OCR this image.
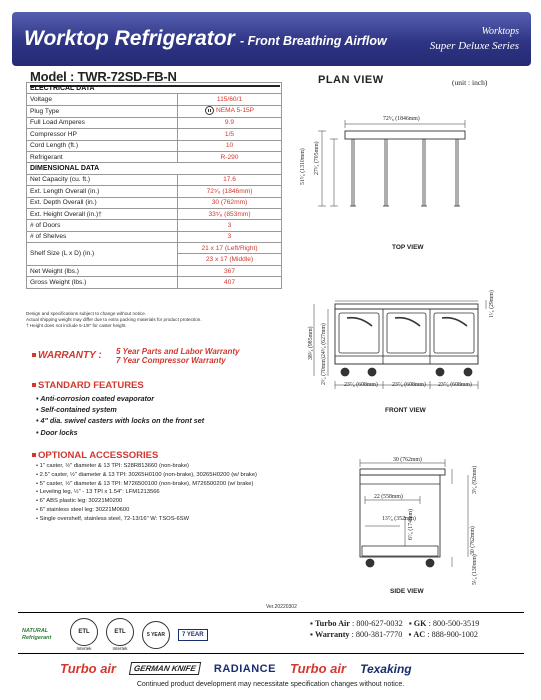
Worktop Refrigerator - Front Breathing Airflow
Worktops
Super Deluxe Series
Model : TWR-72SD-FB-N	PLAN VIEW	(unit : inch)
ELECTRICAL DATA	
Voltage	115/60/1
Plug Type	NEMA 5-15P

Full Load Amperes	9.9
Compressor HP	1/5
Cord Length (ft.)	10
Refrigerant	R-290
DIMENSIONAL DATA	
Net Capacity (cu. ft.)	17.6
Ext. Length Overall (in.)	72⁵⁄₈ (1846mm)
Ext. Depth Overall (in.)	30 (762mm)
Ext. Height Overall (in.)†	33⁵⁄₈ (853mm)
# of Doors	3
# of Shelves	3
Shelf Size (L x D) (in.)	21 x 17 (Left/Right)
	23 x 17 (Middle)
Net Weight (lbs.)	367
Gross Weight (lbs.)	407
Design and specifications subject to change without notice.
Actual shipping weight may differ due to extra packing materials for product protection.
† Height does not include 5-1/8" for caster height.
WARRANTY : 5 Year Parts and Labor Warranty
7 Year Compressor Warranty
STANDARD FEATURES
• Anti-corrosion coated evaporator
• Self-contained system
• 4" dia. swivel casters with locks on the front set
• Door locks
OPTIONAL ACCESSORIES
• 1" caster, ½" diameter & 13 TPI: S28R813660 (non-brake)
• 2.5" caster, ½" diameter & 13 TPI: 30265H0100 (non-brake), 30265H0200 (w/ brake)
• 5" caster, ½" diameter & 13 TPI: M726500100 (non-brake), M726500200 (w/ brake)
• Leveling leg, ½" - 13 TPI x 1.54": LFM1213566
• 6" ABS plastic leg: 30221M0200
• 6" stainless steel leg: 30221M0600
• Single overshelf, stainless steel, 72-13/16" W: TSOS-6SW
72⁵⁄₈ (1846mm)
51⁵⁄₈ (1310mm) 27³⁄₄ (705mm)
TOP VIEW
38³⁄₄ (985mm) 24⁵⁄₈ (627mm)
1¹⁄₈ (29mm)
2³⁄₄ (70mm)	23⁷⁄₈ (608mm) 23⁷⁄₈ (608mm) 23⁷⁄₈ (608mm)
FRONT VIEW
30 (762mm)
22 (558mm)
13⁷⁄₈ (352mm)
6⁷⁄₈ (174mm)
30 (762mm)
3⁵⁄₈ (92mm)
5¹⁄₈ (130mm)
SIDE VIEW
Ver.20220302
NATURAL
Refrigerant
ETL
Intertek
ETL
Intertek
5 YEAR	7 YEAR
▪ Turbo Air : 800-627-0032   ▪ GK : 800-500-3519
▪ Warranty : 800-381-7770   ▪ AC : 888-900-1002
Turbo air	GERMAN KNIFE	RADIANCE Turbo air Texaking
Continued product development may necessitate specification changes without notice.
